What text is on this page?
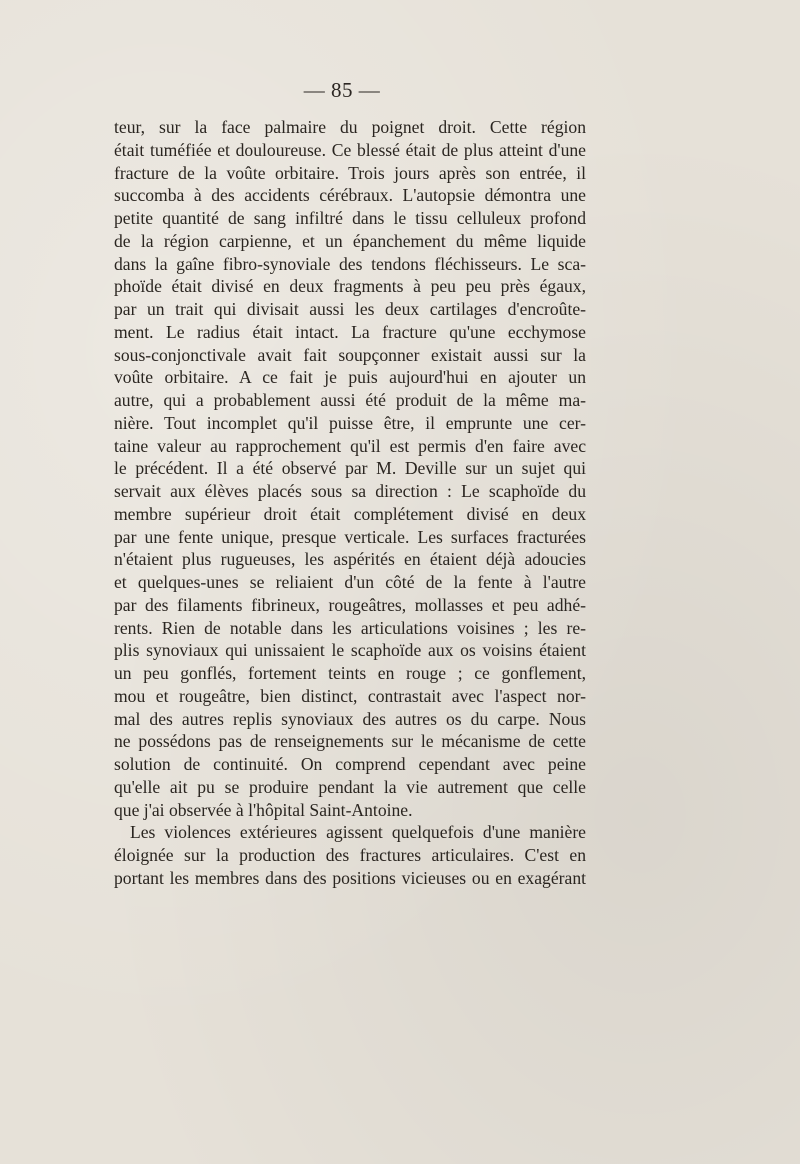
— 85 —
teur, sur la face palmaire du poignet droit. Cette région
était tuméfiée et douloureuse. Ce blessé était de plus atteint d'une
fracture de la voûte orbitaire. Trois jours après son entrée, il
succomba à des accidents cérébraux. L'autopsie démontra une
petite quantité de sang infiltré dans le tissu celluleux profond
de la région carpienne, et un épanchement du même liquide
dans la gaîne fibro-synoviale des tendons fléchisseurs. Le sca-
phoïde était divisé en deux fragments à peu peu près égaux,
par un trait qui divisait aussi les deux cartilages d'encroûte-
ment. Le radius était intact. La fracture qu'une ecchymose
sous-conjonctivale avait fait soupçonner existait aussi sur la
voûte orbitaire. A ce fait je puis aujourd'hui en ajouter un
autre, qui a probablement aussi été produit de la même ma-
nière. Tout incomplet qu'il puisse être, il emprunte une cer-
taine valeur au rapprochement qu'il est permis d'en faire avec
le précédent. Il a été observé par M. Deville sur un sujet qui
servait aux élèves placés sous sa direction : Le scaphoïde du
membre supérieur droit était complétement divisé en deux
par une fente unique, presque verticale. Les surfaces fracturées
n'étaient plus rugueuses, les aspérités en étaient déjà adoucies
et quelques-unes se reliaient d'un côté de la fente à l'autre
par des filaments fibrineux, rougeâtres, mollasses et peu adhé-
rents. Rien de notable dans les articulations voisines ; les re-
plis synoviaux qui unissaient le scaphoïde aux os voisins étaient
un peu gonflés, fortement teints en rouge ; ce gonflement,
mou et rougeâtre, bien distinct, contrastait avec l'aspect nor-
mal des autres replis synoviaux des autres os du carpe. Nous
ne possédons pas de renseignements sur le mécanisme de cette
solution de continuité. On comprend cependant avec peine
qu'elle ait pu se produire pendant la vie autrement que celle
que j'ai observée à l'hôpital Saint-Antoine.
Les violences extérieures agissent quelquefois d'une manière
éloignée sur la production des fractures articulaires. C'est en
portant les membres dans des positions vicieuses ou en exagérant
